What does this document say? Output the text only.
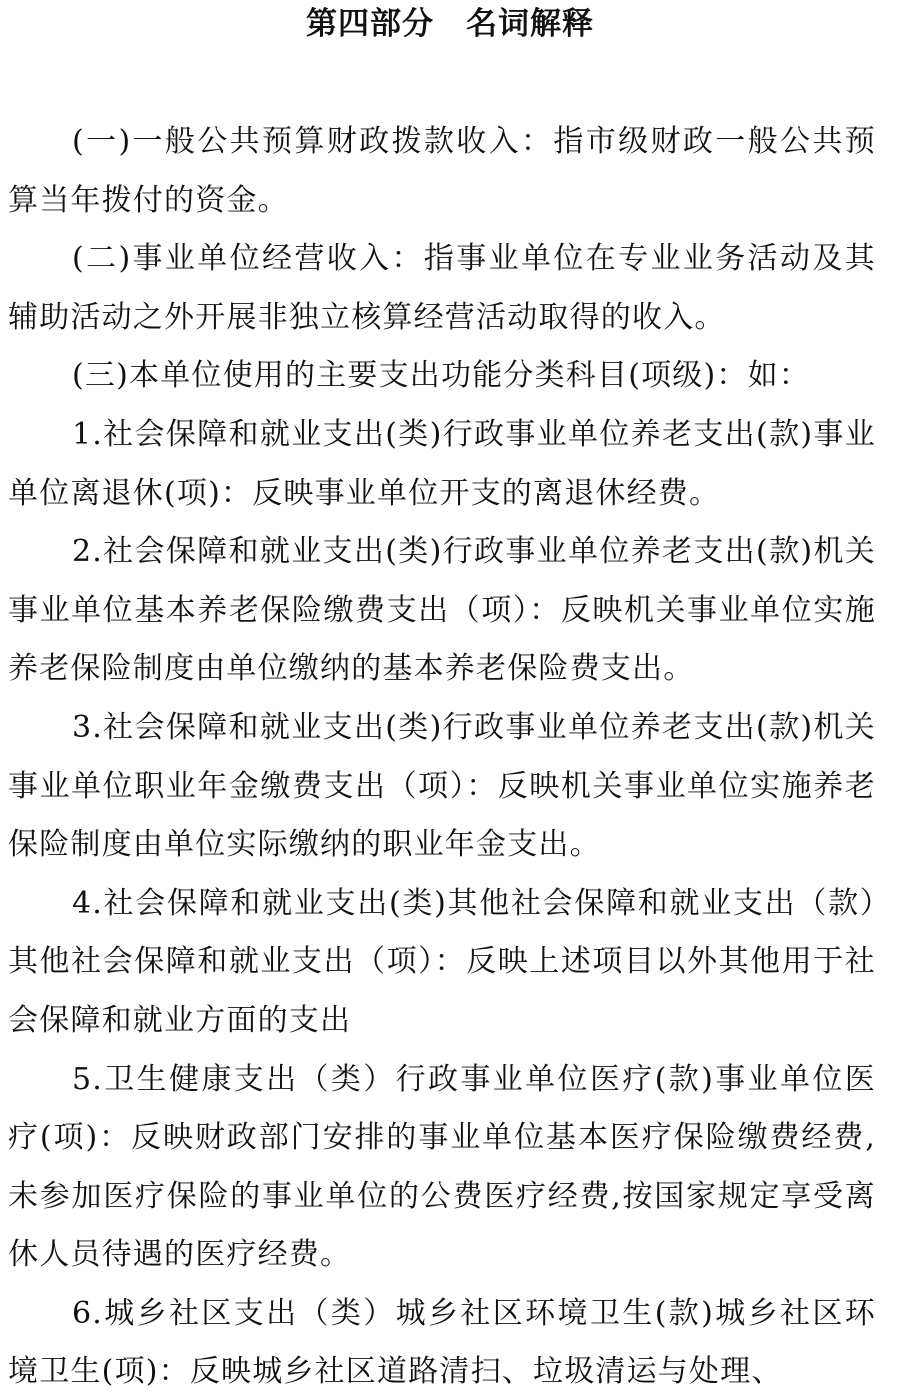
第四部分　名词解释

(一)一般公共预算财政拨款收入：指市级财政一般公共预算当年拨付的资金。

(二)事业单位经营收入：指事业单位在专业业务活动及其辅助活动之外开展非独立核算经营活动取得的收入。

(三)本单位使用的主要支出功能分类科目(项级)：如：

1.社会保障和就业支出(类)行政事业单位养老支出(款)事业单位离退休(项)：反映事业单位开支的离退休经费。

2.社会保障和就业支出(类)行政事业单位养老支出(款)机关事业单位基本养老保险缴费支出（项）：反映机关事业单位实施养老保险制度由单位缴纳的基本养老保险费支出。

3.社会保障和就业支出(类)行政事业单位养老支出(款)机关事业单位职业年金缴费支出（项）：反映机关事业单位实施养老保险制度由单位实际缴纳的职业年金支出。

4.社会保障和就业支出(类)其他社会保障和就业支出（款）其他社会保障和就业支出（项）：反映上述项目以外其他用于社会保障和就业方面的支出

5.卫生健康支出（类）行政事业单位医疗(款)事业单位医疗(项)：反映财政部门安排的事业单位基本医疗保险缴费经费,未参加医疗保险的事业单位的公费医疗经费,按国家规定享受离休人员待遇的医疗经费。

6.城乡社区支出（类）城乡社区环境卫生(款)城乡社区环境卫生(项)：反映城乡社区道路清扫、垃圾清运与处理、
